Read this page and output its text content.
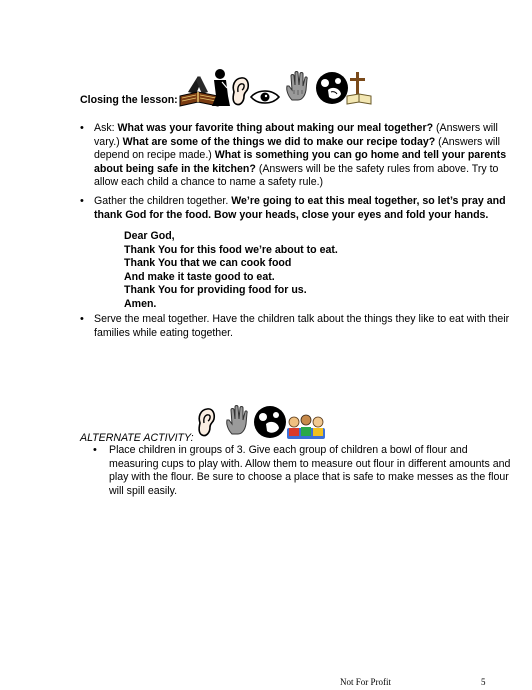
Closing the lesson:
• Ask: What was your favorite thing about making our meal together? (Answers will vary.) What are some of the things we did to make our recipe today? (Answers will depend on recipe made.) What is something you can go home and tell your parents about being safe in the kitchen? (Answers will be the safety rules from above. Try to allow each child a chance to name a safety rule.)
• Gather the children together. We’re going to eat this meal together, so let’s pray and thank God for the food. Bow your heads, close your eyes and fold your hands.
Dear God,
Thank You for this food we’re about to eat.
Thank You that we can cook food
And make it taste good to eat.
Thank You for providing food for us.
Amen.
• Serve the meal together. Have the children talk about the things they like to eat with their families while eating together.
ALTERNATE ACTIVITY:
• Place children in groups of 3. Give each group of children a bowl of flour and measuring cups to play with. Allow them to measure out flour in different amounts and play with the flour. Be sure to choose a place that is safe to make messes as the flour will spill easily.
Not For Profit	5
